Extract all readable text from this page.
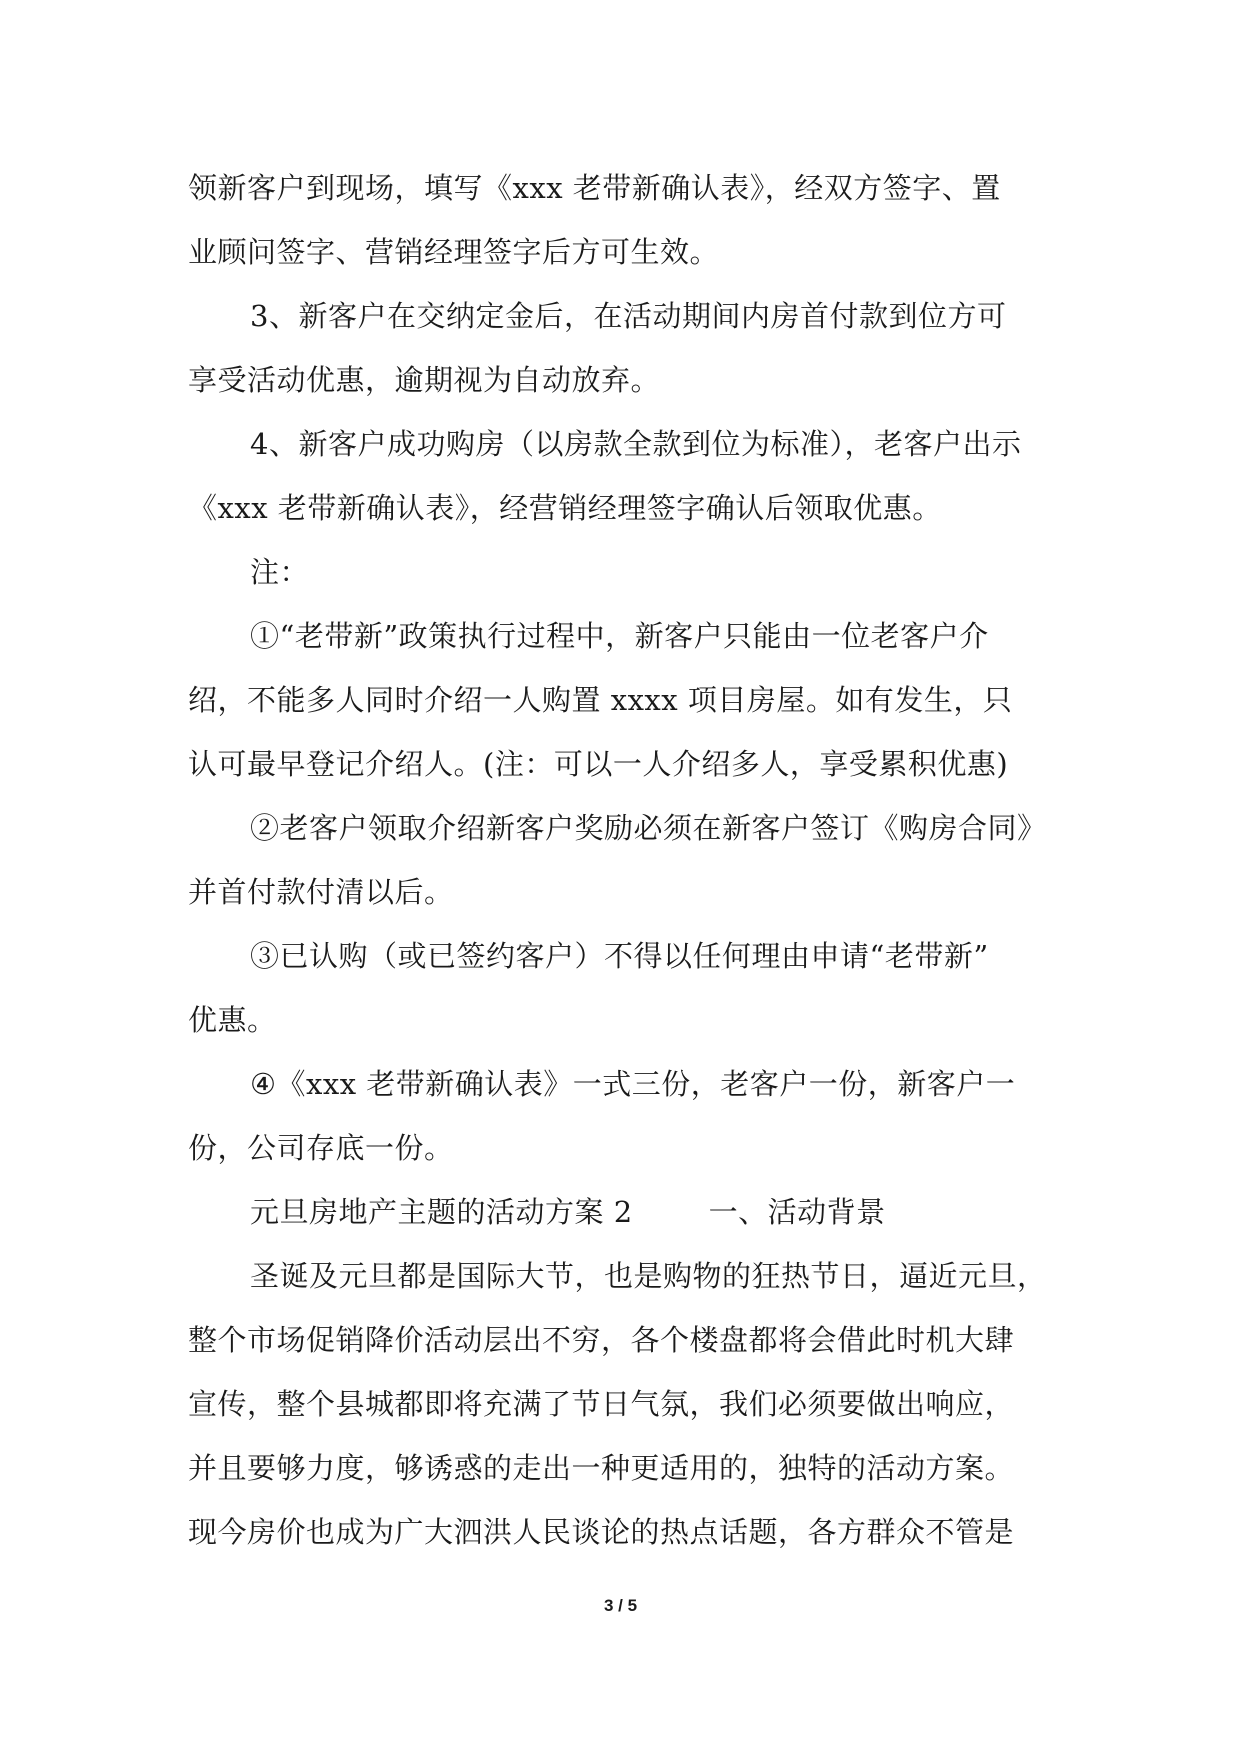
领新客户到现场，填写《xxx 老带新确认表》，经双方签字、置
业顾问签字、营销经理签字后方可生效。
3、新客户在交纳定金后，在活动期间内房首付款到位方可
享受活动优惠，逾期视为自动放弃。
4、新客户成功购房（以房款全款到位为标准），老客户出示
《xxx 老带新确认表》，经营销经理签字确认后领取优惠。
注：
①“老带新”政策执行过程中，新客户只能由一位老客户介
绍，不能多人同时介绍一人购置 xxxx 项目房屋。如有发生，只
认可最早登记介绍人。(注：可以一人介绍多人，享受累积优惠)
②老客户领取介绍新客户奖励必须在新客户签订《购房合同》
并首付款付清以后。
③已认购（或已签约客户）不得以任何理由申请“老带新”
优惠。
④《xxx 老带新确认表》一式三份，老客户一份，新客户一
份，公司存底一份。
元旦房地产主题的活动方案 2	一、活动背景
圣诞及元旦都是国际大节，也是购物的狂热节日，逼近元旦，
整个市场促销降价活动层出不穷，各个楼盘都将会借此时机大肆
宣传，整个县城都即将充满了节日气氛，我们必须要做出响应，
并且要够力度，够诱惑的走出一种更适用的，独特的活动方案。
现今房价也成为广大泗洪人民谈论的热点话题，各方群众不管是
3 / 5
